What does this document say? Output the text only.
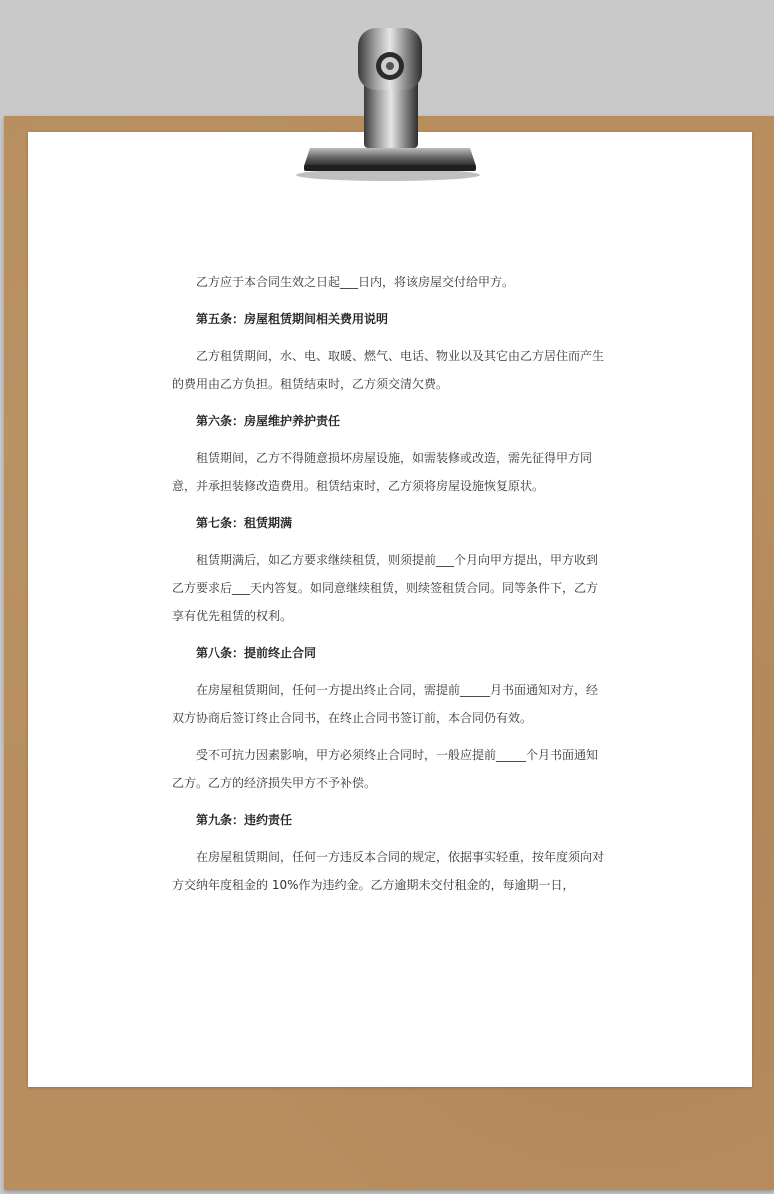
乙方应于本合同生效之日起___日内，将该房屋交付给甲方。

第五条：房屋租赁期间相关费用说明

乙方租赁期间，水、电、取暖、燃气、电话、物业以及其它由乙方居住而产生的费用由乙方负担。租赁结束时，乙方须交清欠费。

第六条：房屋维护养护责任

租赁期间，乙方不得随意损坏房屋设施，如需装修或改造，需先征得甲方同意，并承担装修改造费用。租赁结束时，乙方须将房屋设施恢复原状。

第七条：租赁期满

租赁期满后，如乙方要求继续租赁，则须提前___个月向甲方提出，甲方收到乙方要求后___天内答复。如同意继续租赁，则续签租赁合同。同等条件下，乙方享有优先租赁的权利。

第八条：提前终止合同

在房屋租赁期间，任何一方提出终止合同，需提前_____月书面通知对方，经双方协商后签订终止合同书，在终止合同书签订前，本合同仍有效。

受不可抗力因素影响，甲方必须终止合同时，一般应提前_____个月书面通知乙方。乙方的经济损失甲方不予补偿。

第九条：违约责任

在房屋租赁期间，任何一方违反本合同的规定，依据事实轻重，按年度须向对方交纳年度租金的 10%作为违约金。乙方逾期未交付租金的，每逾期一日，
